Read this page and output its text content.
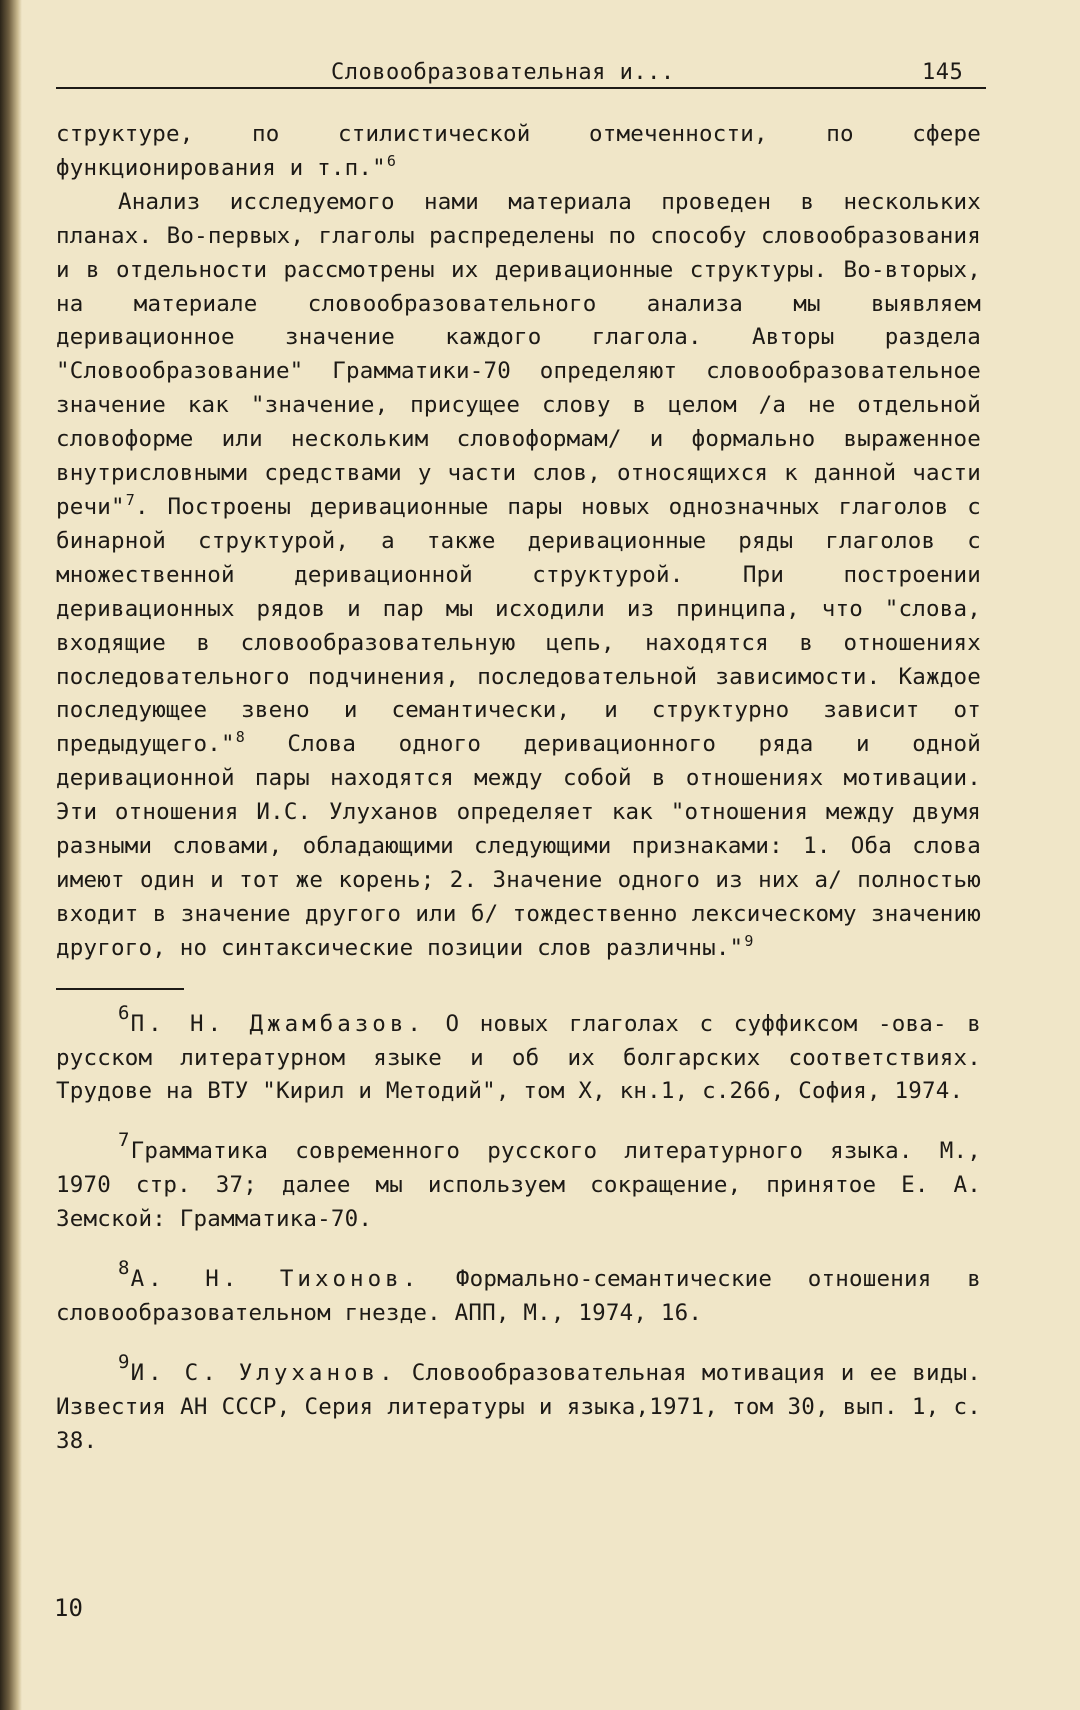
Словообразовательная и...	145

структуре, по стилистической отмеченности, по сфере функционирования и т.п."$^6$

Анализ исследуемого нами материала проведен в нескольких планах. Во-первых, глаголы распределены по способу словообразования и в отдельности рассмотрены их деривационные структуры. Во-вторых, на материале словообразовательного анализа мы выявляем деривационное значение каждого глагола. Авторы раздела "Словообразование" Грамматики-70 определяют словообразовательное значение как "значение, присущее слову в целом /а не отдельной словоформе или нескольким словоформам/ и формально выраженное внутрисловными средствами у части слов, относящихся к данной части речи"$^7$. Построены деривационные пары новых однозначных глаголов с бинарной структурой, а также деривационные ряды глаголов с множественной деривационной структурой. При построении деривационных рядов и пар мы исходили из принципа, что "слова, входящие в словообразовательную цепь, находятся в отношениях последовательного подчинения, последовательной зависимости. Каждое последующее звено и семантически, и структурно зависит от предыдущего."$^8$ Слова одного деривационного ряда и одной деривационной пары находятся между собой в отношениях мотивации. Эти отношения И.С. Улуханов определяет как "отношения между двумя разными словами, обладающими следующими признаками: 1. Оба слова имеют один и тот же корень; 2. Значение одного из них а/ полностью входит в значение другого или б/ тождественно лексическому значению другого, но синтаксические позиции слов различны."$^9$

6П. Н. Джамбазов. О новых глаголах с суффиксом -ова- в русском литературном языке и об их болгарских соответствиях. Трудове на ВТУ "Кирил и Методий", том X, кн.1, с.266, София, 1974.

7Грамматика современного русского литературного языка. М., 1970 стр. 37; далее мы используем сокращение, принятое Е. А. Земской: Грамматика-70.

8А. Н. Тихонов. Формально-семантические отношения в словообразовательном гнезде. АПП, М., 1974, 16.

9И. С. Улуханов. Словообразовательная мотивация и ее виды. Известия АН СССР, Серия литературы и языка,1971, том 30, вып. 1, с. 38.

10
